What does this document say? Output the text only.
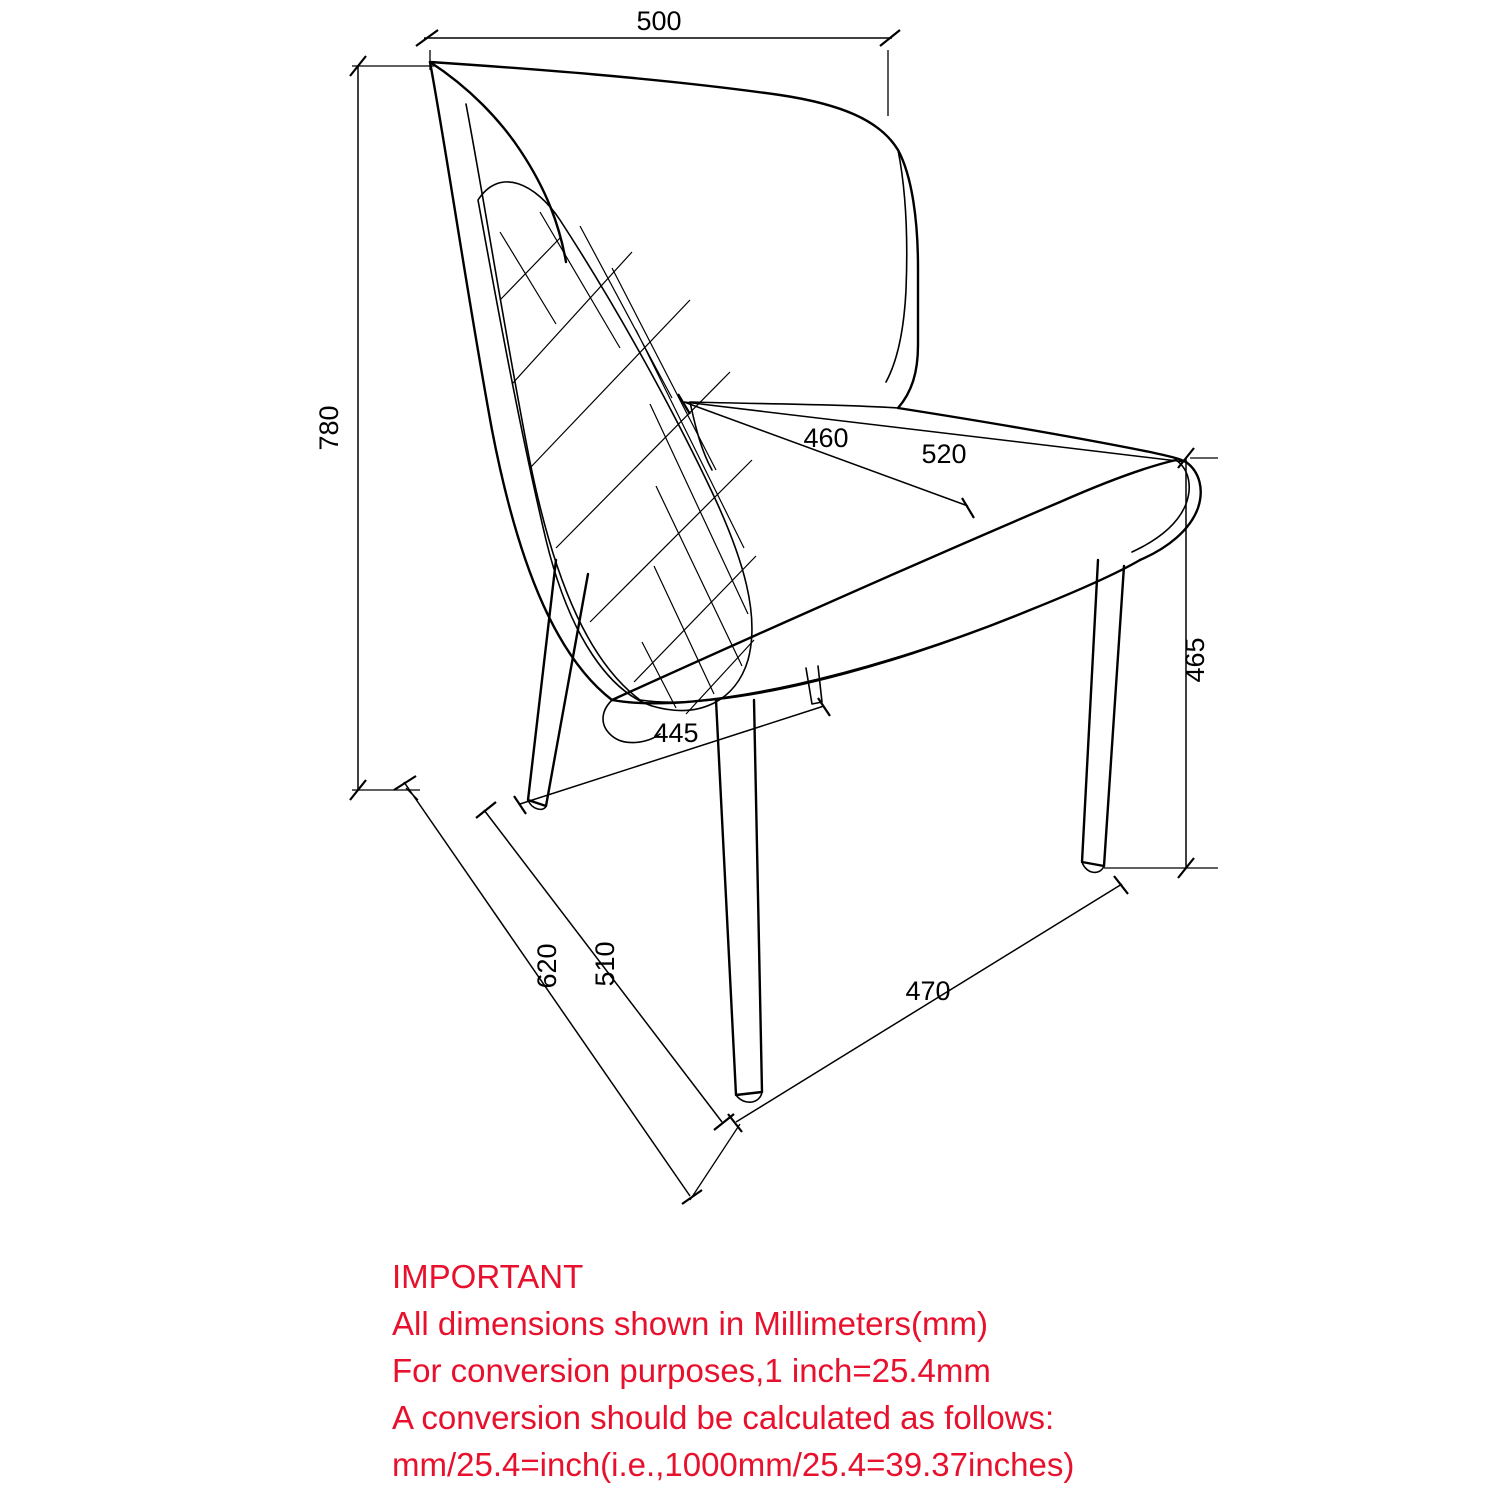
500
780	460
520
465
445
620 510
470
IMPORTANT
All dimensions shown in Millimeters(mm)
For conversion purposes,1 inch=25.4mm
A conversion should be calculated as follows:
mm/25.4=inch(i.e.,1000mm/25.4=39.37inches)
